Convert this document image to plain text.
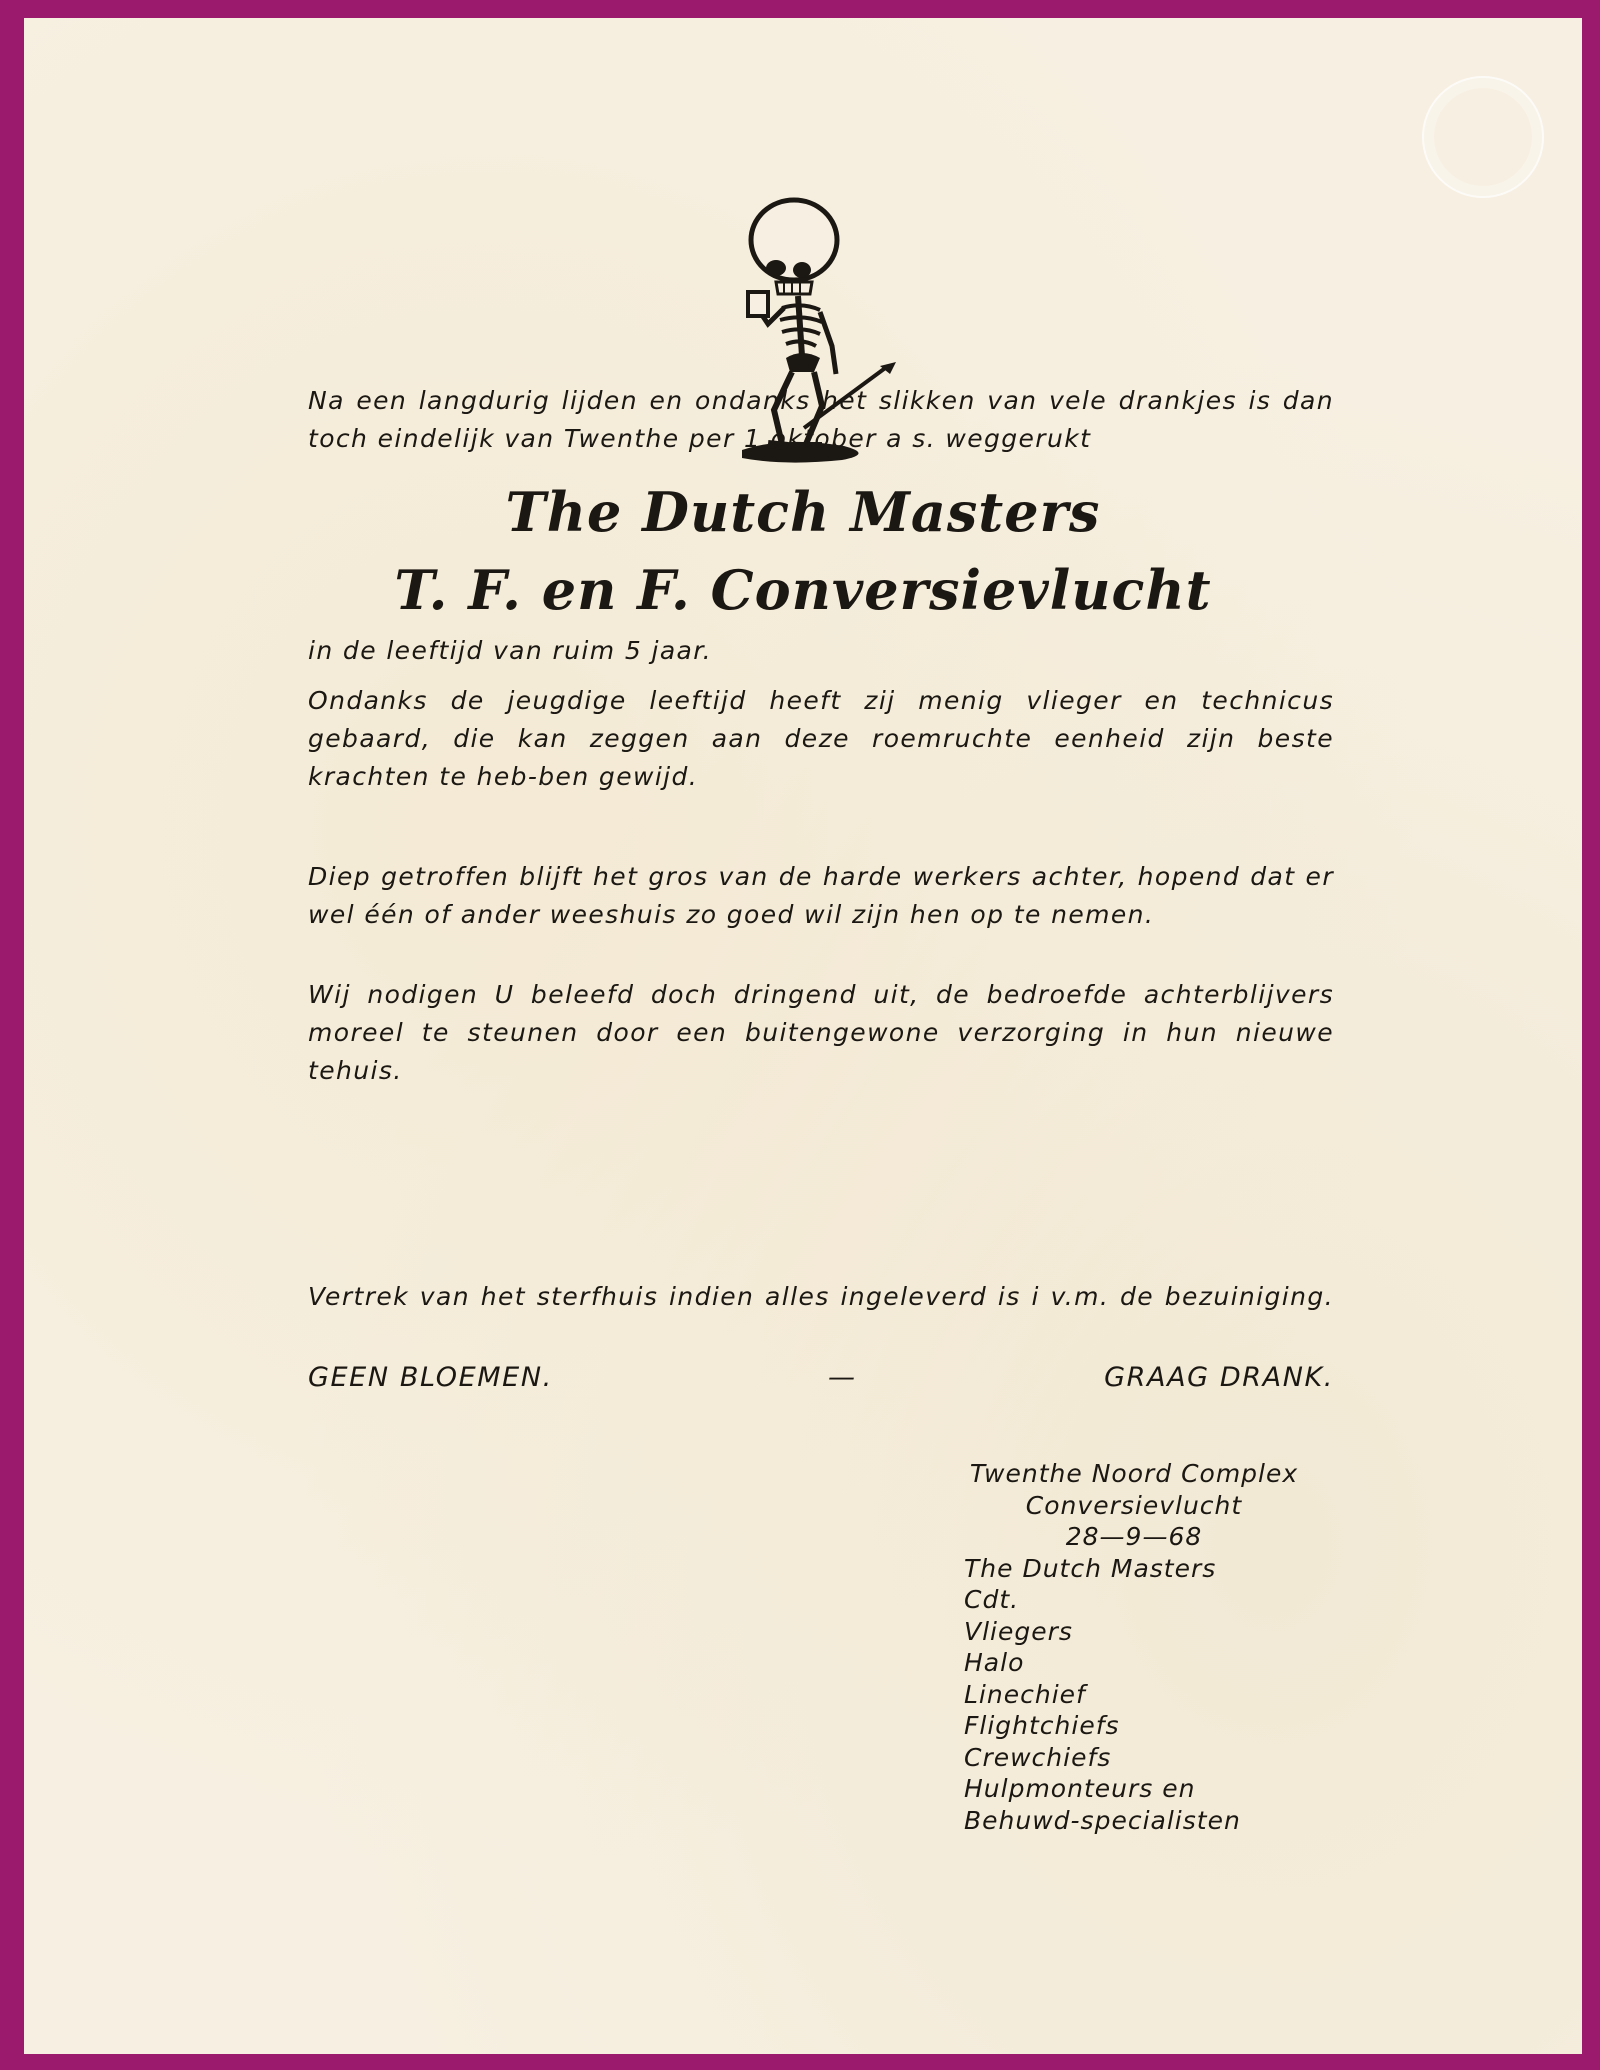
Na een langdurig lijden en ondanks het slikken van vele drankjes is dan toch eindelijk van Twenthe per 1 oktober a s. weggerukt

The Dutch Masters
T. F. en F. Conversievlucht

in de leeftijd van ruim 5 jaar.

Ondanks de jeugdige leeftijd heeft zij menig vlieger en technicus gebaard, die kan zeggen aan deze roemruchte eenheid zijn beste krachten te heb-ben gewijd.

Diep getroffen blijft het gros van de harde werkers achter, hopend dat er wel één of ander weeshuis zo goed wil zijn hen op te nemen.

Wij nodigen U beleefd doch dringend uit, de bedroefde achterblijvers moreel te steunen door een buitengewone verzorging in hun nieuwe tehuis.

Vertrek van het sterfhuis indien alles ingeleverd is i v.m. de bezuiniging.

GEEN BLOEMEN.	—	GRAAG DRANK.
Twenthe Noord Complex
Conversievlucht
28—9—68
The Dutch Masters
Cdt.
Vliegers
Halo
Linechief
Flightchiefs
Crewchiefs
Hulpmonteurs en
Behuwd-specialisten
